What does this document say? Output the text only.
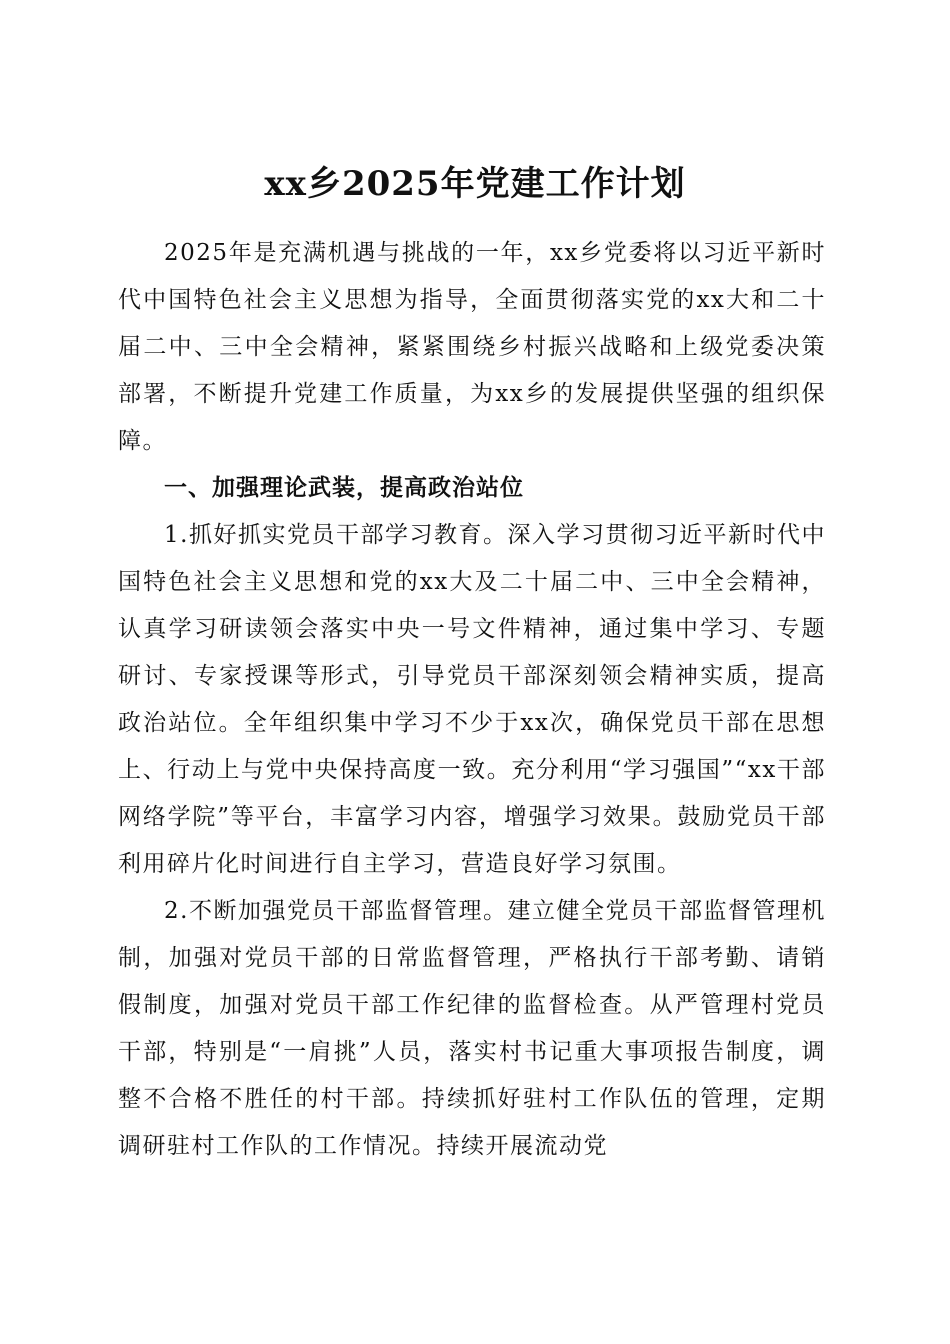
xx乡2025年党建工作计划

2025年是充满机遇与挑战的一年，xx乡党委将以习近平新时代中国特色社会主义思想为指导，全面贯彻落实党的xx大和二十届二中、三中全会精神，紧紧围绕乡村振兴战略和上级党委决策部署，不断提升党建工作质量，为xx乡的发展提供坚强的组织保障。

一、加强理论武装，提高政治站位

1.抓好抓实党员干部学习教育。深入学习贯彻习近平新时代中国特色社会主义思想和党的xx大及二十届二中、三中全会精神，认真学习研读领会落实中央一号文件精神，通过集中学习、专题研讨、专家授课等形式，引导党员干部深刻领会精神实质，提高政治站位。全年组织集中学习不少于xx次，确保党员干部在思想上、行动上与党中央保持高度一致。充分利用“学习强国”“xx干部网络学院”等平台，丰富学习内容，增强学习效果。鼓励党员干部利用碎片化时间进行自主学习，营造良好学习氛围。

2.不断加强党员干部监督管理。建立健全党员干部监督管理机制，加强对党员干部的日常监督管理，严格执行干部考勤、请销假制度，加强对党员干部工作纪律的监督检查。从严管理村党员干部，特别是“一肩挑”人员，落实村书记重大事项报告制度，调整不合格不胜任的村干部。持续抓好驻村工作队伍的管理，定期调研驻村工作队的工作情况。持续开展流动党
